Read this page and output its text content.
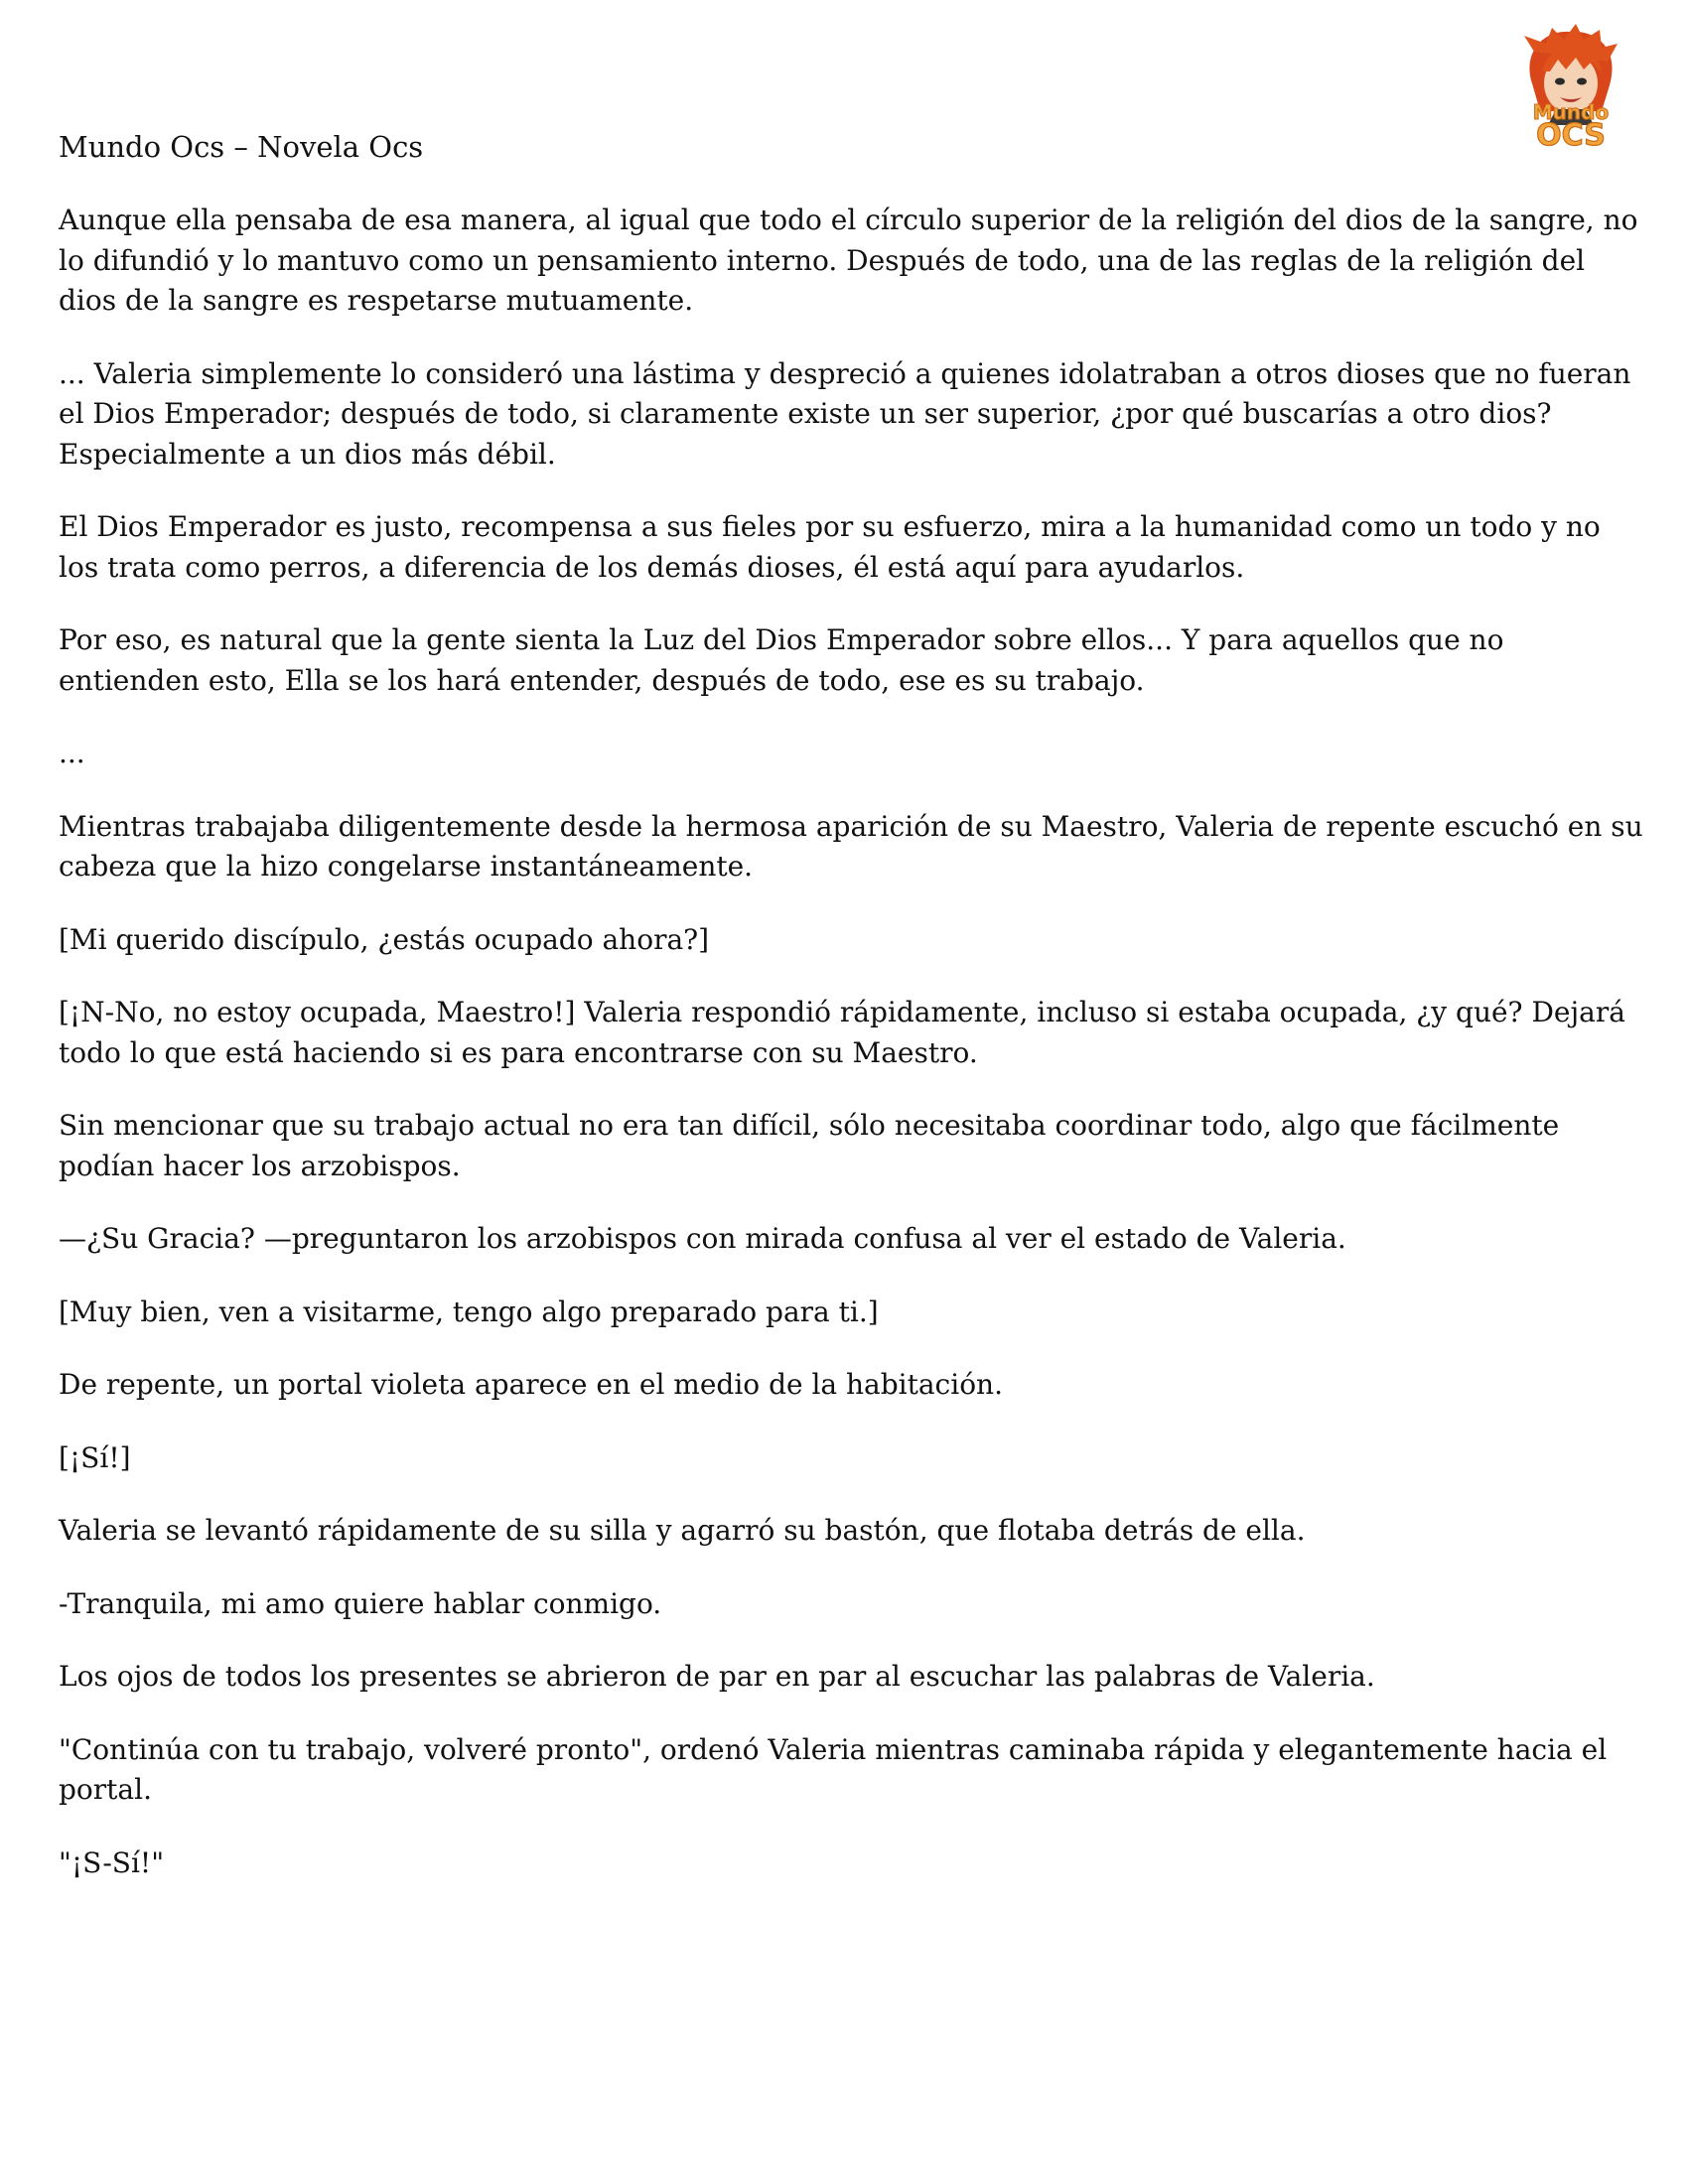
Mundo
OCS
Mundo Ocs – Novela Ocs

Aunque ella pensaba de esa manera, al igual que todo el círculo superior de la religión del dios de la sangre, no lo difundió y lo mantuvo como un pensamiento interno. Después de todo, una de las reglas de la religión del dios de la sangre es respetarse mutuamente.

... Valeria simplemente lo consideró una lástima y despreció a quienes idolatraban a otros dioses que no fueran el Dios Emperador; después de todo, si claramente existe un ser superior, ¿por qué buscarías a otro dios? Especialmente a un dios más débil.

El Dios Emperador es justo, recompensa a sus fieles por su esfuerzo, mira a la humanidad como un todo y no los trata como perros, a diferencia de los demás dioses, él está aquí para ayudarlos.

Por eso, es natural que la gente sienta la Luz del Dios Emperador sobre ellos... Y para aquellos que no entienden esto, Ella se los hará entender, después de todo, ese es su trabajo.

...

Mientras trabajaba diligentemente desde la hermosa aparición de su Maestro, Valeria de repente escuchó en su cabeza que la hizo congelarse instantáneamente.

[Mi querido discípulo, ¿estás ocupado ahora?]

[¡N-No, no estoy ocupada, Maestro!] Valeria respondió rápidamente, incluso si estaba ocupada, ¿y qué? Dejará todo lo que está haciendo si es para encontrarse con su Maestro.

Sin mencionar que su trabajo actual no era tan difícil, sólo necesitaba coordinar todo, algo que fácilmente podían hacer los arzobispos.

—¿Su Gracia? —preguntaron los arzobispos con mirada confusa al ver el estado de Valeria.

[Muy bien, ven a visitarme, tengo algo preparado para ti.]

De repente, un portal violeta aparece en el medio de la habitación.

[¡Sí!]

Valeria se levantó rápidamente de su silla y agarró su bastón, que flotaba detrás de ella.

-Tranquila, mi amo quiere hablar conmigo.

Los ojos de todos los presentes se abrieron de par en par al escuchar las palabras de Valeria.

"Continúa con tu trabajo, volveré pronto", ordenó Valeria mientras caminaba rápida y elegantemente hacia el portal.

"¡S-Sí!"
